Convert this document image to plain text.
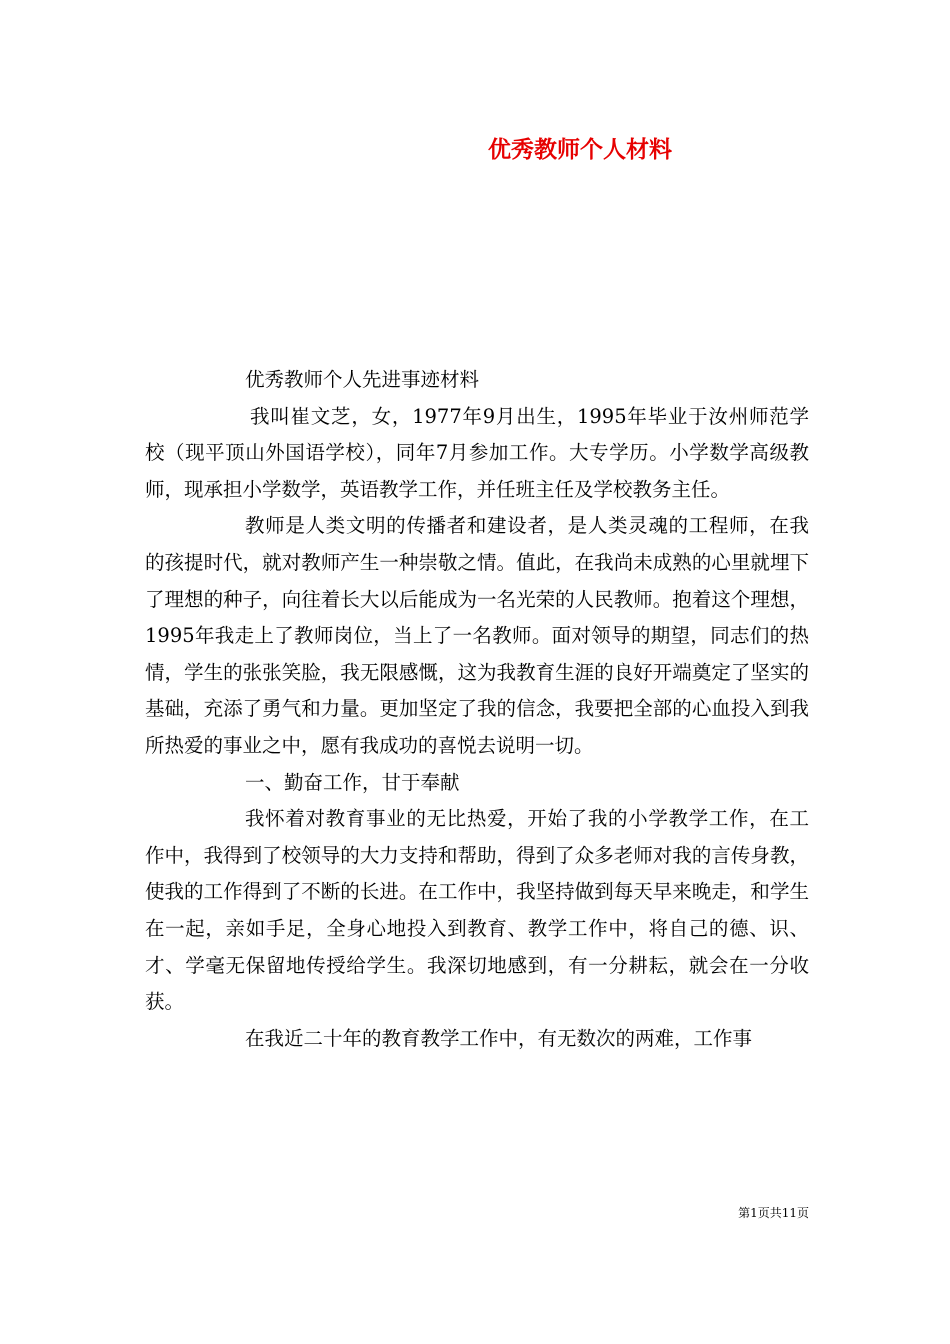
优秀教师个人材料

优秀教师个人先进事迹材料

我叫崔文芝，女，1977年9月出生，1995年毕业于汝州师范学校（现平顶山外国语学校），同年7月参加工作。大专学历。小学数学高级教师，现承担小学数学，英语教学工作，并任班主任及学校教务主任。

教师是人类文明的传播者和建设者，是人类灵魂的工程师，在我的孩提时代，就对教师产生一种崇敬之情。值此，在我尚未成熟的心里就埋下了理想的种子，向往着长大以后能成为一名光荣的人民教师。抱着这个理想，1995年我走上了教师岗位，当上了一名教师。面对领导的期望，同志们的热情，学生的张张笑脸，我无限感慨，这为我教育生涯的良好开端奠定了坚实的基础，充添了勇气和力量。更加坚定了我的信念，我要把全部的心血投入到我所热爱的事业之中，愿有我成功的喜悦去说明一切。

一、勤奋工作，甘于奉献

我怀着对教育事业的无比热爱，开始了我的小学教学工作，在工作中，我得到了校领导的大力支持和帮助，得到了众多老师对我的言传身教，使我的工作得到了不断的长进。在工作中，我坚持做到每天早来晚走，和学生在一起，亲如手足，全身心地投入到教育、教学工作中，将自己的德、识、才、学毫无保留地传授给学生。我深切地感到，有一分耕耘，就会在一分收获。

在我近二十年的教育教学工作中，有无数次的两难，工作事

第1页共11页
